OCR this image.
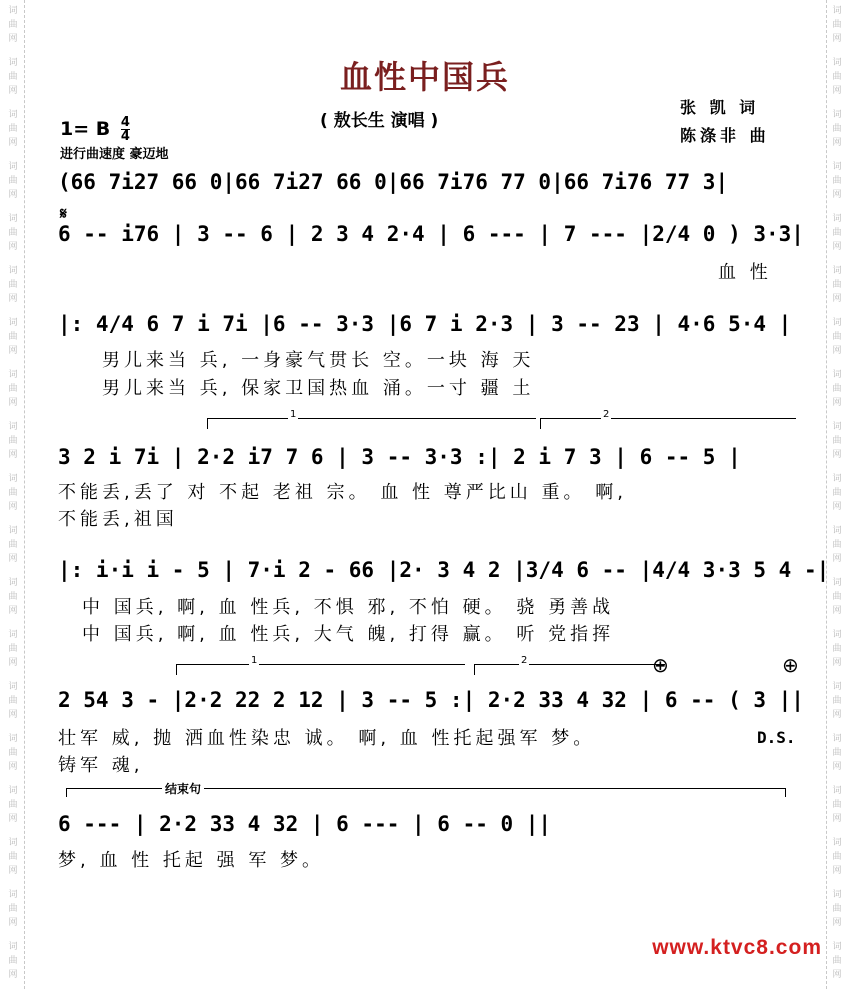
词
曲
网
词
曲
网
词
曲
网
词
曲
网
词
曲
网
词
曲
网
词
曲
网
词
曲
网
词
曲
网
词
曲
网
词
曲
网
词
曲
网
词
曲
网
词
曲
网
词
曲
网
词
曲
网
词
曲
网
词
曲
网
词
曲
网
词
曲
网
词
曲
网
词
曲
网
词
曲
网
词
曲
网
词
曲
网
词
曲
网
词
曲
网
词
曲
网
词
曲
网
词
曲
网
词
曲
网
词
曲
网
词
曲
网
词
曲
网
词
曲
网
词
曲
网
词
曲
网
词
曲
网
血性中国兵
( 敖长生 演唱 )
张 凯 词
陈涤非 曲
1= B $\frac{4}{4}$
进行曲速度 豪迈地
(66 7i27 66 0|66 7i27 66 0|66 7i76 77 0|66 7i76 77 3|
𝄋
6 -- i76 | 3 -- 6 | 2 3 4 2·4 | 6 --- | 7 --- |2/4 0 ) 3·3|
血 性
|: 4/4 6 7 i 7i |6 -- 3·3 |6 7 i 2·3 | 3 -- 23 | 4·6 5·4 |
男儿来当 兵, 一身豪气贯长 空。一块 海 天
男儿来当 兵, 保家卫国热血 涌。一寸 疆 土
1	2
3 2 i 7i | 2·2 i7 7 6 | 3 -- 3·3 :| 2 i 7 3 | 6 -- 5 |
不能丢,丢了 对 不起 老祖 宗。 血 性 尊严比山 重。 啊,
不能丢,祖国
|: i·i i - 5 | 7·i 2 - 66 |2· 3 4 2 |3/4 6 -- |4/4 3·3 5 4 -|
中 国兵, 啊, 血 性兵, 不惧 邪, 不怕 硬。 骁 勇善战
中 国兵, 啊, 血 性兵, 大气 魄, 打得 赢。 听 党指挥
1	2	⊕	⊕
2 54 3 - |2·2 22 2 12 | 3 -- 5 :| 2·2 33 4 32 | 6 -- ( 3 ||
壮军 威, 抛 洒血性染忠 诚。 啊, 血 性托起强军 梦。
铸军 魂,
D.S.
结束句
6 --- | 2·2 33 4 32 | 6 --- | 6 -- 0 ||
梦, 血 性 托起 强 军 梦。
www.ktvc8.com
